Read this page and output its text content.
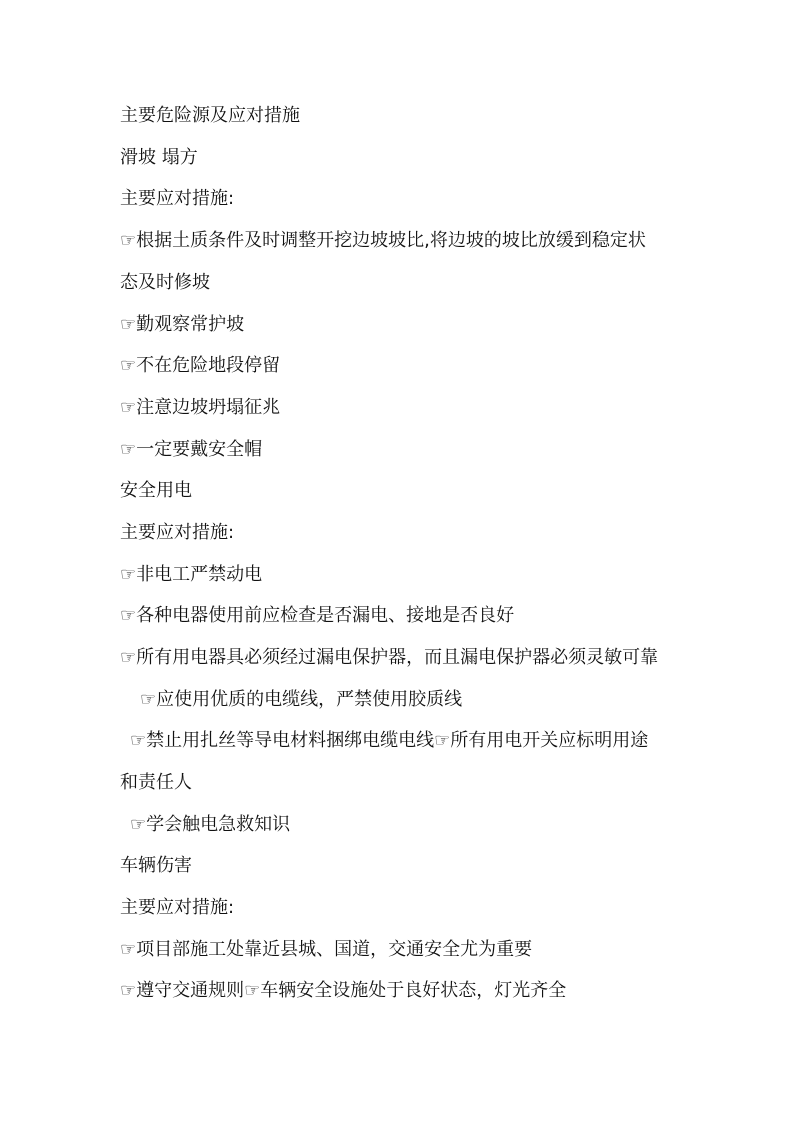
主要危险源及应对措施
滑坡 塌方
主要应对措施:
☞根据土质条件及时调整开挖边坡坡比,将边坡的坡比放缓到稳定状
态及时修坡
☞勤观察常护坡
☞不在危险地段停留
☞注意边坡坍塌征兆
☞一定要戴安全帽
安全用电
主要应对措施:
☞非电工严禁动电
☞各种电器使用前应检查是否漏电、接地是否良好
☞所有用电器具必须经过漏电保护器，而且漏电保护器必须灵敏可靠
☞应使用优质的电缆线，严禁使用胶质线
☞禁止用扎丝等导电材料捆绑电缆电线☞所有用电开关应标明用途
和责任人
☞学会触电急救知识
车辆伤害
主要应对措施:
☞项目部施工处靠近县城、国道，交通安全尤为重要
☞遵守交通规则☞车辆安全设施处于良好状态，灯光齐全
